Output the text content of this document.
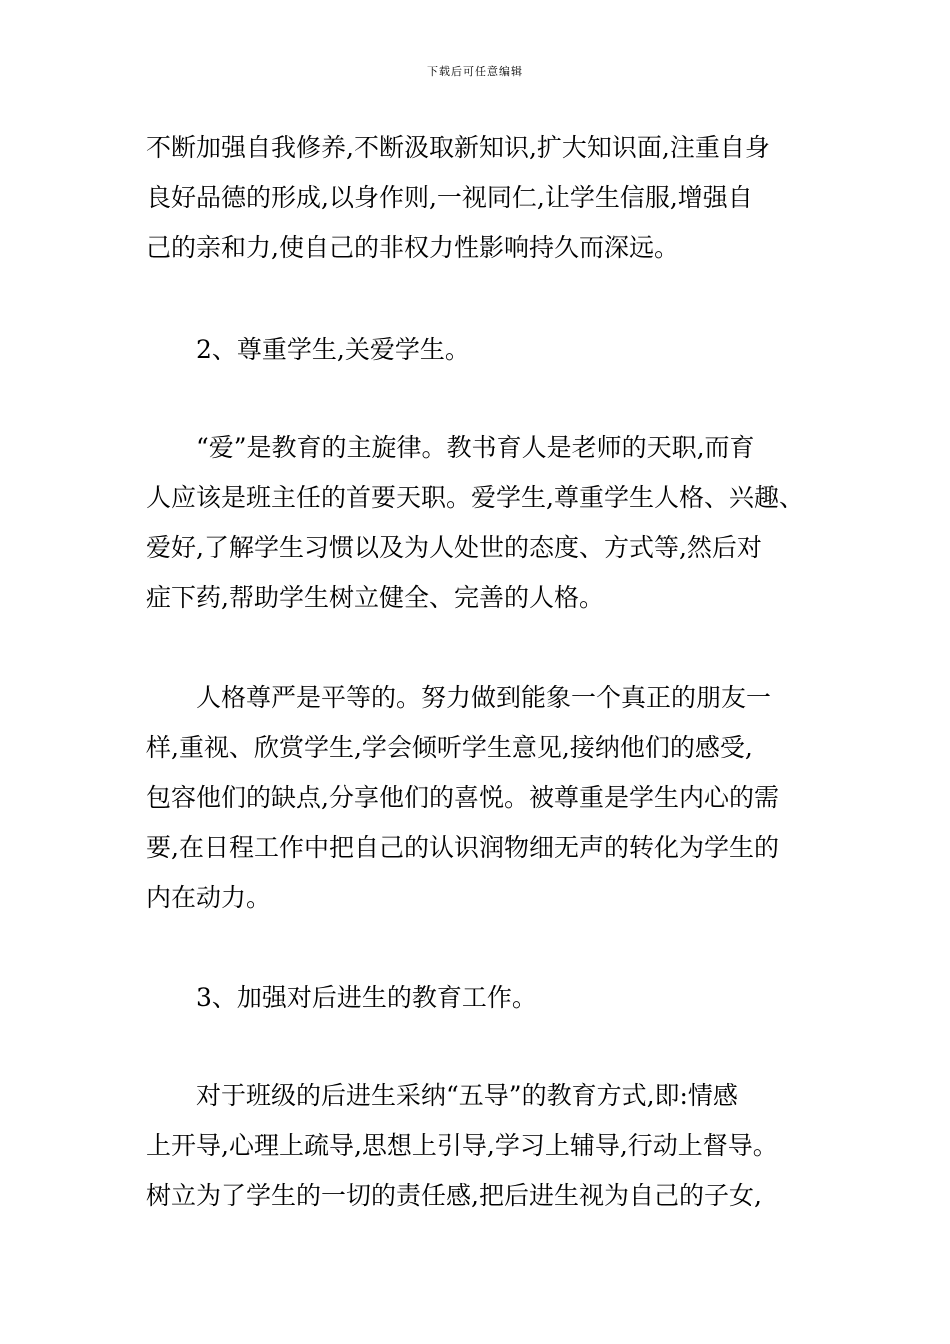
下载后可任意编辑
不断加强自我修养,不断汲取新知识,扩大知识面,注重自身
良好品德的形成,以身作则,一视同仁,让学生信服,增强自
己的亲和力,使自己的非权力性影响持久而深远。
2、尊重学生,关爱学生。
“爱”是教育的主旋律。教书育人是老师的天职,而育
人应该是班主任的首要天职。爱学生,尊重学生人格、兴趣、
爱好,了解学生习惯以及为人处世的态度、方式等,然后对
症下药,帮助学生树立健全、完善的人格。
人格尊严是平等的。努力做到能象一个真正的朋友一
样,重视、欣赏学生,学会倾听学生意见,接纳他们的感受,
包容他们的缺点,分享他们的喜悦。被尊重是学生内心的需
要,在日程工作中把自己的认识润物细无声的转化为学生的
内在动力。
3、加强对后进生的教育工作。
对于班级的后进生采纳“五导”的教育方式,即:情感
上开导,心理上疏导,思想上引导,学习上辅导,行动上督导。
树立为了学生的一切的责任感,把后进生视为自己的子女,
